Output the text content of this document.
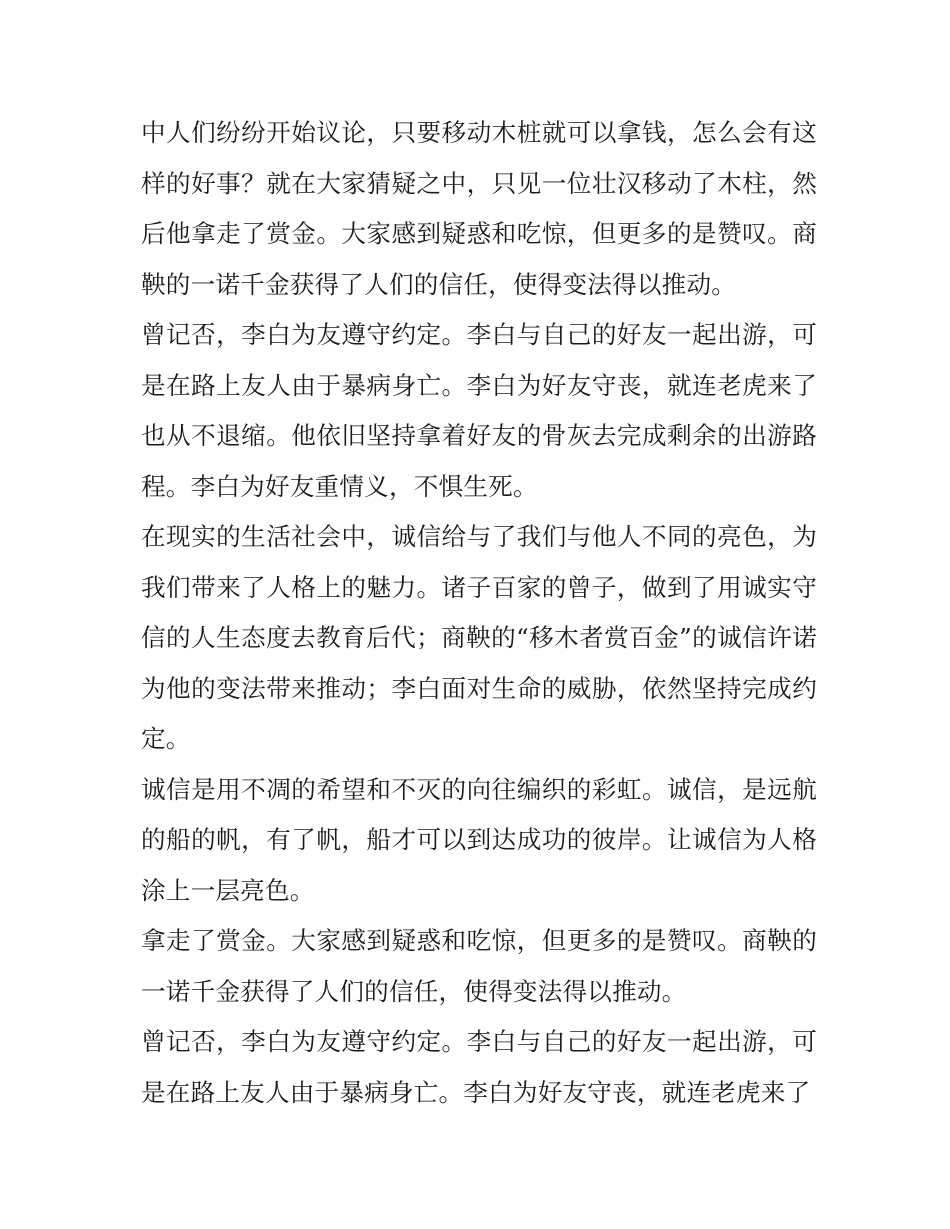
中人们纷纷开始议论，只要移动木桩就可以拿钱，怎么会有这样的好事？就在大家猜疑之中，只见一位壮汉移动了木柱，然后他拿走了赏金。大家感到疑惑和吃惊，但更多的是赞叹。商鞅的一诺千金获得了人们的信任，使得变法得以推动。

曾记否，李白为友遵守约定。李白与自己的好友一起出游，可是在路上友人由于暴病身亡。李白为好友守丧，就连老虎来了也从不退缩。他依旧坚持拿着好友的骨灰去完成剩余的出游路程。李白为好友重情义，不惧生死。

在现实的生活社会中，诚信给与了我们与他人不同的亮色，为我们带来了人格上的魅力。诸子百家的曾子，做到了用诚实守信的人生态度去教育后代；商鞅的“移木者赏百金”的诚信许诺为他的变法带来推动；李白面对生命的威胁，依然坚持完成约定。

诚信是用不凋的希望和不灭的向往编织的彩虹。诚信，是远航的船的帆，有了帆，船才可以到达成功的彼岸。让诚信为人格涂上一层亮色。

拿走了赏金。大家感到疑惑和吃惊，但更多的是赞叹。商鞅的一诺千金获得了人们的信任，使得变法得以推动。

曾记否，李白为友遵守约定。李白与自己的好友一起出游，可是在路上友人由于暴病身亡。李白为好友守丧，就连老虎来了
